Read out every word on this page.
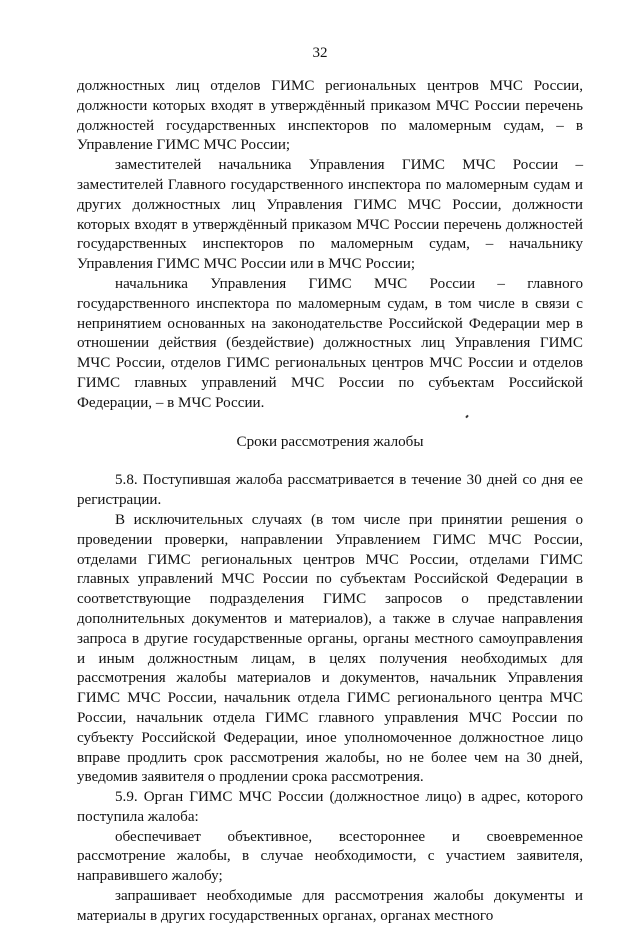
32

должностных лиц отделов ГИМС региональных центров МЧС России, должности которых входят в утверждённый приказом МЧС России перечень должностей государственных инспекторов по маломерным судам, – в Управление ГИМС МЧС России;

заместителей начальника Управления ГИМС МЧС России – заместителей Главного государственного инспектора по маломерным судам и других должностных лиц Управления ГИМС МЧС России, должности которых входят в утверждённый приказом МЧС России перечень должностей государственных инспекторов по маломерным судам, – начальнику Управления ГИМС МЧС России или в МЧС России;

начальника Управления ГИМС МЧС России – главного государственного инспектора по маломерным судам, в том числе в связи с непринятием основанных на законодательстве Российской Федерации мер в отношении действия (бездействие) должностных лиц Управления ГИМС МЧС России, отделов ГИМС региональных центров МЧС России и отделов ГИМС главных управлений МЧС России по субъектам Российской Федерации, – в МЧС России.

Сроки рассмотрения жалобы

5.8. Поступившая жалоба рассматривается в течение 30 дней со дня ее регистрации.

В исключительных случаях (в том числе при принятии решения о проведении проверки, направлении Управлением ГИМС МЧС России, отделами ГИМС региональных центров МЧС России, отделами ГИМС главных управлений МЧС России по субъектам Российской Федерации в соответствующие подразделения ГИМС запросов о представлении дополнительных документов и материалов), а также в случае направления запроса в другие государственные органы, органы местного самоуправления и иным должностным лицам, в целях получения необходимых для рассмотрения жалобы материалов и документов, начальник Управления ГИМС МЧС России, начальник отдела ГИМС регионального центра МЧС России, начальник отдела ГИМС главного управления МЧС России по субъекту Российской Федерации, иное уполномоченное должностное лицо вправе продлить срок рассмотрения жалобы, но не более чем на 30 дней, уведомив заявителя о продлении срока рассмотрения.

5.9. Орган ГИМС МЧС России (должностное лицо) в адрес, которого поступила жалоба:

обеспечивает объективное, всестороннее и своевременное рассмотрение жалобы, в случае необходимости, с участием заявителя, направившего жалобу;

запрашивает необходимые для рассмотрения жалобы документы и материалы в других государственных органах, органах местного
